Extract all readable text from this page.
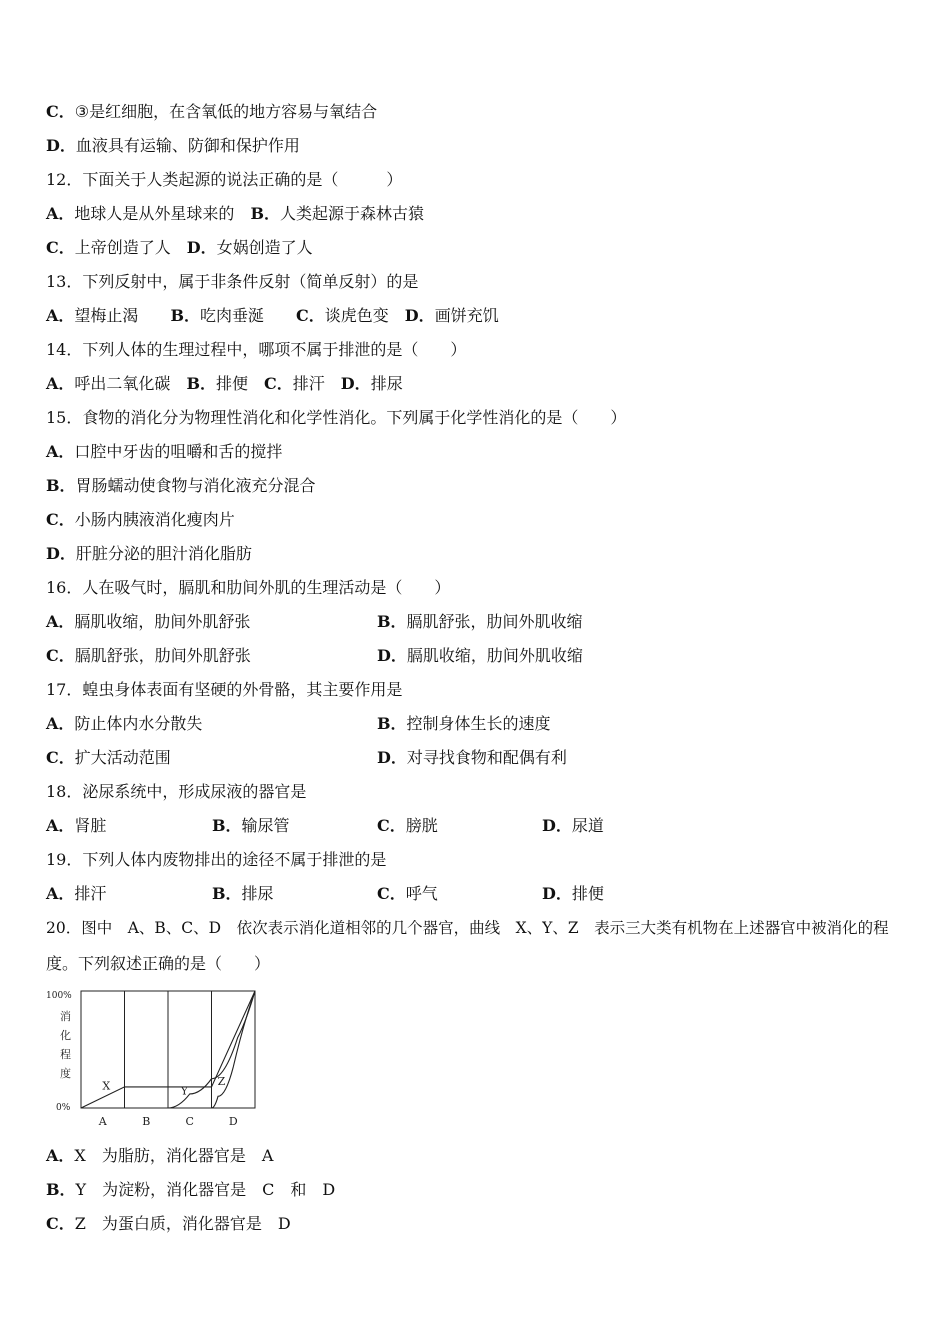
C．③是红细胞，在含氧低的地方容易与氧结合
D．血液具有运输、防御和保护作用
12．下面关于人类起源的说法正确的是（　　　）
A．地球人是从外星球来的　 B．人类起源于森林古猿
C．上帝创造了人　 D．女娲创造了人
13．下列反射中，属于非条件反射（简单反射）的是
A．望梅止渴　　 B．吃肉垂涎　　 C．谈虎色变　 D．画饼充饥
14．下列人体的生理过程中，哪项不属于排泄的是（　　）
A．呼出二氧化碳　 B．排便　 C．排汗　 D．排尿
15．食物的消化分为物理性消化和化学性消化。下列属于化学性消化的是（　　）
A．口腔中牙齿的咀嚼和舌的搅拌
B．胃肠蠕动使食物与消化液充分混合
C．小肠内胰液消化瘦肉片
D．肝脏分泌的胆汁消化脂肪
16．人在吸气时，膈肌和肋间外肌的生理活动是（　　）
A．膈肌收缩，肋间外肌舒张	B．膈肌舒张，肋间外肌收缩
C．膈肌舒张，肋间外肌舒张	D．膈肌收缩，肋间外肌收缩
17．蝗虫身体表面有坚硬的外骨骼，其主要作用是
A．防止体内水分散失	B．控制身体生长的速度
C．扩大活动范围	D．对寻找食物和配偶有利
18．泌尿系统中，形成尿液的器官是
A．肾脏	B．输尿管	C．膀胱	D．尿道
19．下列人体内废物排出的途径不属于排泄的是
A．排汗	B．排尿	C．呼气	D．排便
20．图中　A、B、C、D　依次表示消化道相邻的几个器官，曲线　X、Y、Z　表示三大类有机物在上述器官中被消化的程
度。下列叙述正确的是（　　）
100%
0%
消
化
程
度
A	B	C	D
X	Y
Z
A．X　为脂肪，消化器官是　A
B．Y　为淀粉，消化器官是　C　和　D
C．Z　为蛋白质，消化器官是　D
